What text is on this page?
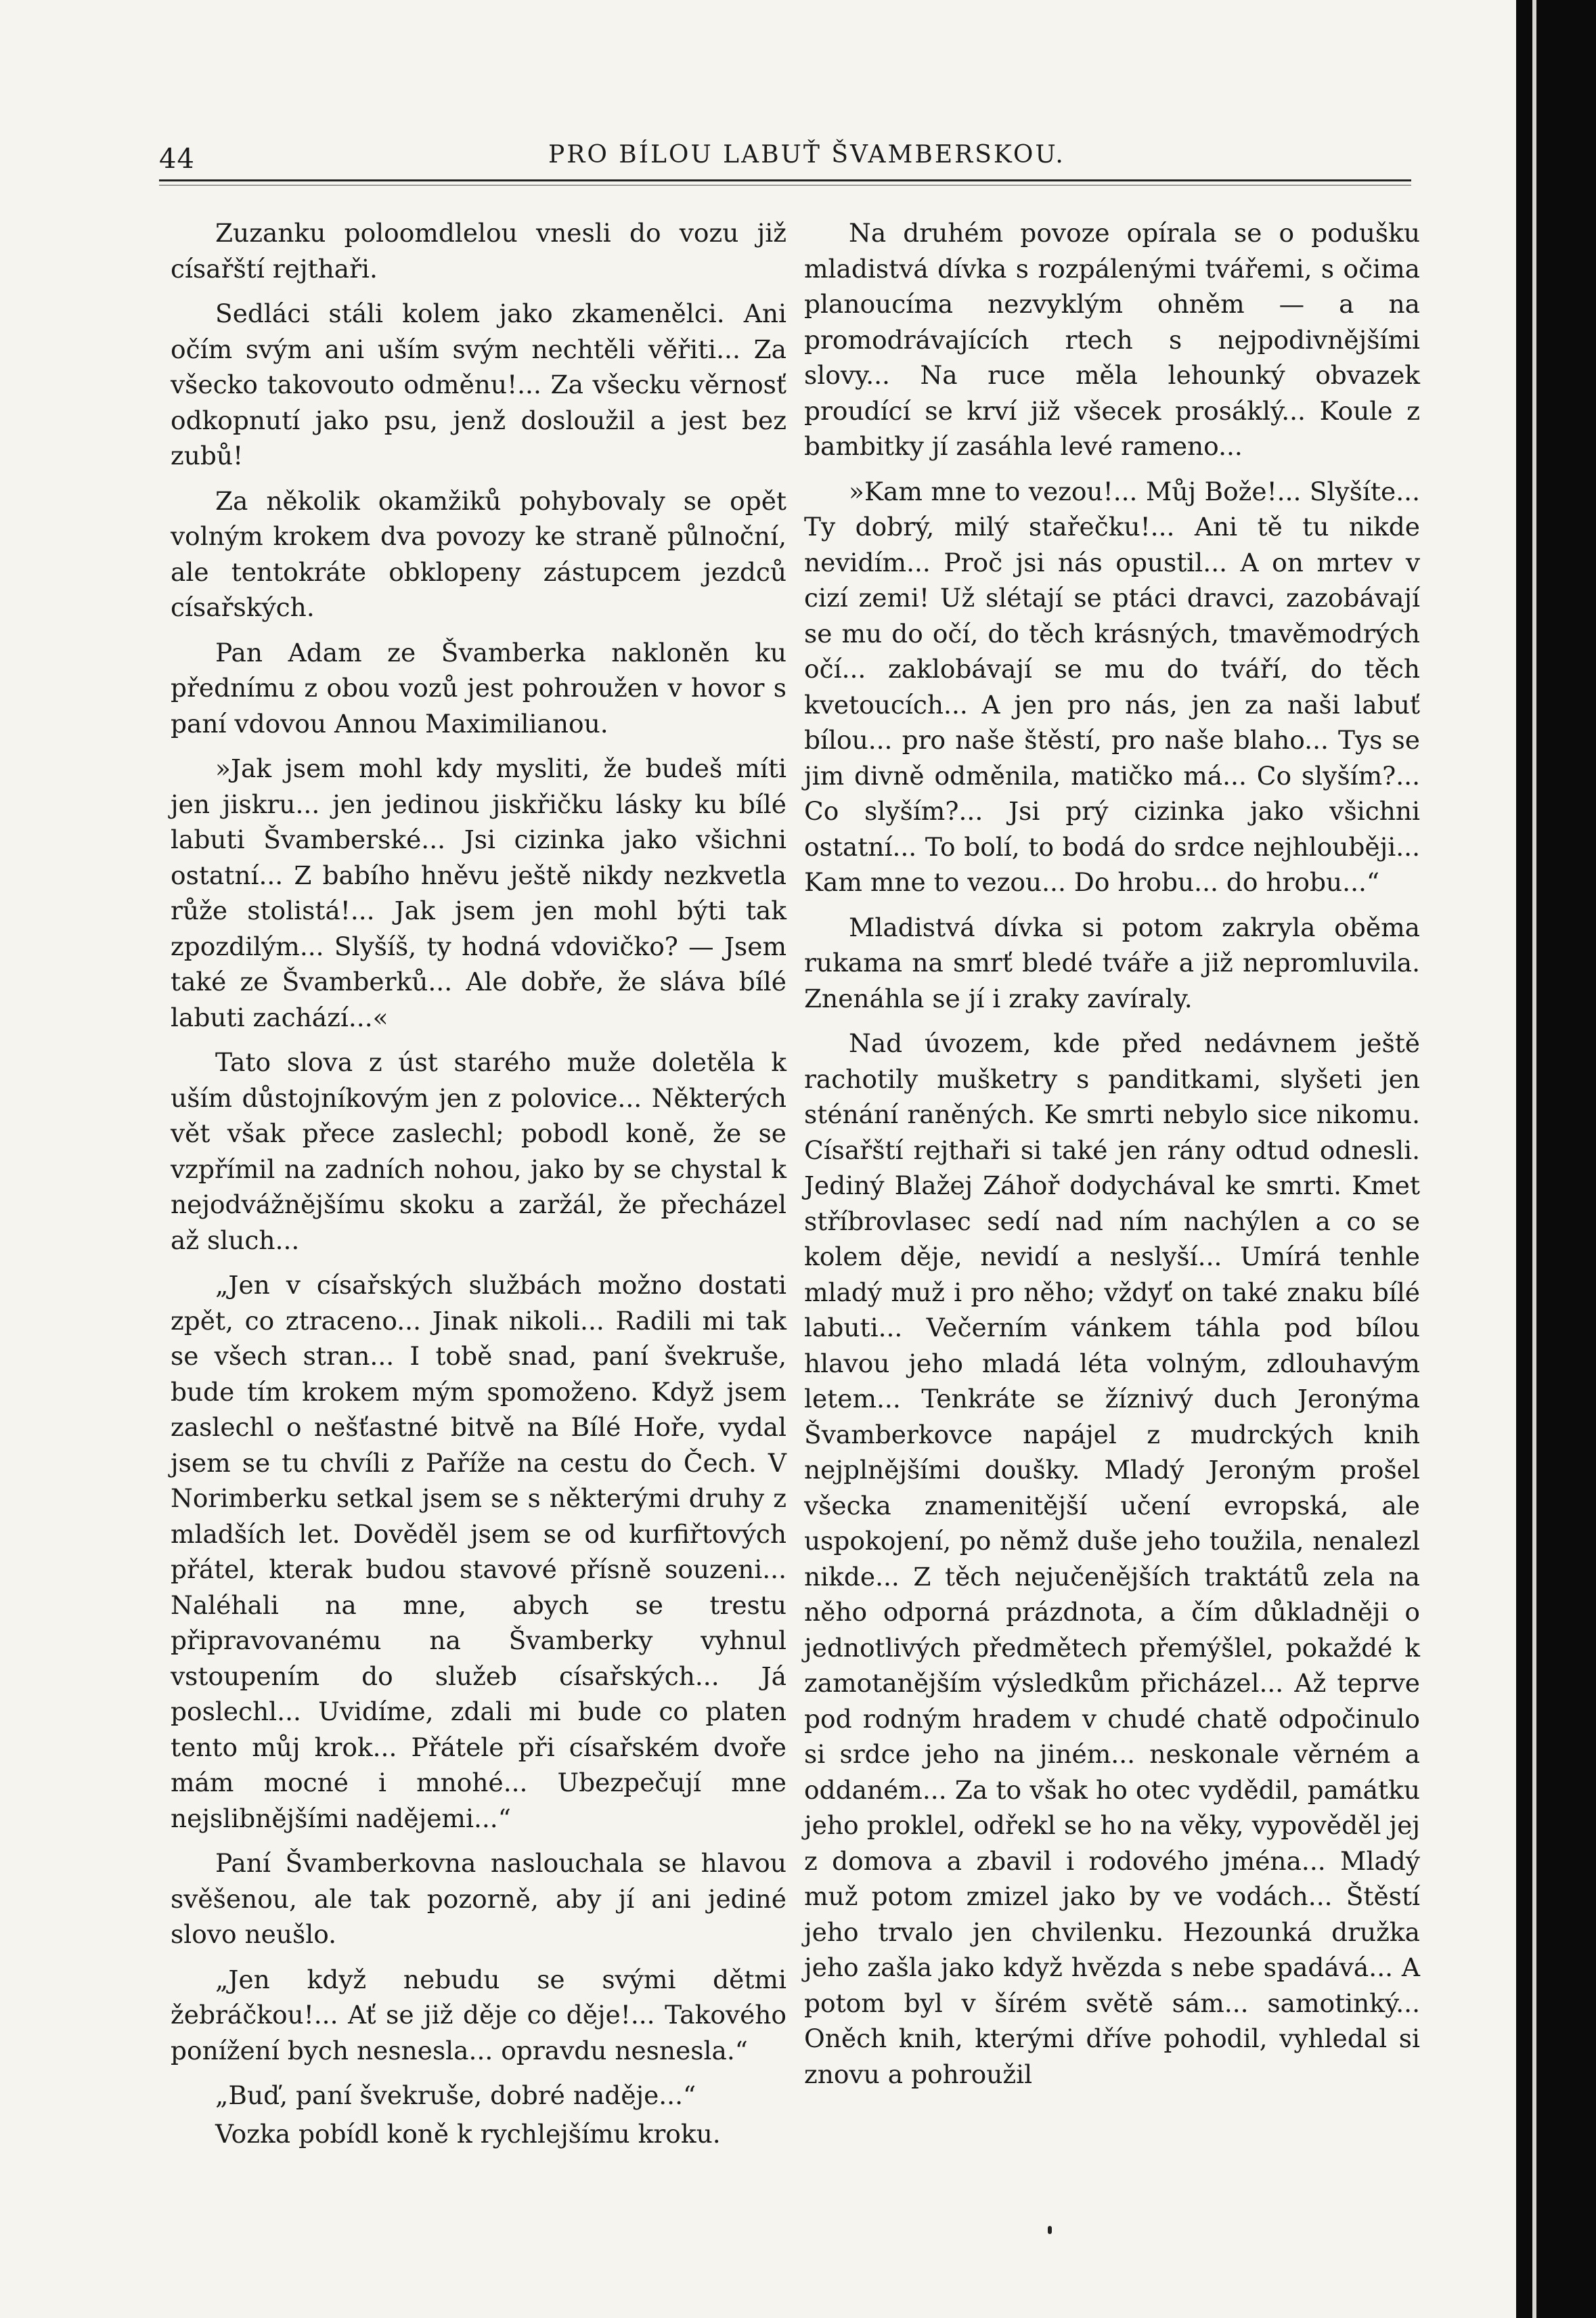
44	PRO BÍLOU LABUŤ ŠVAMBERSKOU.

Zuzanku poloomdlelou vnesli do vozu již císařští rejthaři.

Sedláci stáli kolem jako zkamenělci. Ani očím svým ani uším svým nechtěli věřiti... Za všecko takovouto odměnu!... Za všecku věrnosť odkopnutí jako psu, jenž dosloužil a jest bez zubů!

Za několik okamžiků pohybovaly se opět volným krokem dva povozy ke straně půlnoční, ale tentokráte obklopeny zástupcem jezdců císařských.

Pan Adam ze Švamberka nakloněn ku přednímu z obou vozů jest pohroužen v hovor s paní vdovou Annou Maximilianou.

»Jak jsem mohl kdy mysliti, že budeš míti jen jiskru... jen jedinou jiskřičku lásky ku bílé labuti Švamberské... Jsi cizinka jako všichni ostatní... Z babího hněvu ještě nikdy nezkvetla růže stolistá!... Jak jsem jen mohl býti tak zpozdilým... Slyšíš, ty hodná vdovičko? — Jsem také ze Švamberků... Ale dobře, že sláva bílé labuti zachází...«

Tato slova z úst starého muže doletěla k uším důstojníkovým jen z polovice... Některých vět však přece zaslechl; pobodl koně, že se vzpřímil na zadních nohou, jako by se chystal k nejodvážnějšímu skoku a zaržál, že přecházel až sluch...

„Jen v císařských službách možno dostati zpět, co ztraceno... Jinak nikoli... Radili mi tak se všech stran... I tobě snad, paní švekruše, bude tím krokem mým spomoženo. Když jsem zaslechl o nešťastné bitvě na Bílé Hoře, vydal jsem se tu chvíli z Paříže na cestu do Čech. V Norimberku setkal jsem se s některými druhy z mladších let. Dověděl jsem se od kurfiřtových přátel, kterak budou stavové přísně souzeni... Naléhali na mne, abych se trestu připravovanému na Švamberky vyhnul vstoupením do služeb císařských... Já poslechl... Uvidíme, zdali mi bude co platen tento můj krok... Přátele při císařském dvoře mám mocné i mnohé... Ubezpečují mne nejslibnějšími nadějemi...“

Paní Švamberkovna naslouchala se hlavou svěšenou, ale tak pozorně, aby jí ani jediné slovo neušlo.

„Jen když nebudu se svými dětmi žebráčkou!... Ať se již děje co děje!... Takového ponížení bych nesnesla... opravdu nesnesla.“

„Buď, paní švekruše, dobré naděje...“

Vozka pobídl koně k rychlejšímu kroku.

Na druhém povoze opírala se o podušku mladistvá dívka s rozpálenými tvářemi, s očima planoucíma nezvyklým ohněm — a na promodrávajících rtech s nejpodivnějšími slovy... Na ruce měla lehounký obvazek proudící se krví již všecek prosáklý... Koule z bambitky jí zasáhla levé rameno...

»Kam mne to vezou!... Můj Bože!... Slyšíte... Ty dobrý, milý stařečku!... Ani tě tu nikde nevidím... Proč jsi nás opustil... A on mrtev v cizí zemi! Už slétají se ptáci dravci, zazobávají se mu do očí, do těch krásných, tmavěmodrých očí... zaklobávají se mu do tváří, do těch kvetoucích... A jen pro nás, jen za naši labuť bílou... pro naše štěstí, pro naše blaho... Tys se jim divně odměnila, matičko má... Co slyším?... Co slyším?... Jsi prý cizinka jako všichni ostatní... To bolí, to bodá do srdce nejhlouběji... Kam mne to vezou... Do hrobu... do hrobu...“

Mladistvá dívka si potom zakryla oběma rukama na smrť bledé tváře a již nepromluvila. Znenáhla se jí i zraky zavíraly.

Nad úvozem, kde před nedávnem ještě rachotily mušketry s panditkami, slyšeti jen sténání raněných. Ke smrti nebylo sice nikomu. Císařští rejthaři si také jen rány odtud odnesli. Jediný Blažej Záhoř dodychával ke smrti. Kmet stříbrovlasec sedí nad ním nachýlen a co se kolem děje, nevidí a neslyší... Umírá tenhle mladý muž i pro něho; vždyť on také znaku bílé labuti... Večerním vánkem táhla pod bílou hlavou jeho mladá léta volným, zdlouhavým letem... Tenkráte se žíznivý duch Jeronýma Švamberkovce napájel z mudrckých knih nejplnějšími doušky. Mladý Jeroným prošel všecka znamenitější učení evropská, ale uspokojení, po němž duše jeho toužila, nenalezl nikde... Z těch nejučenějších traktátů zela na něho odporná prázdnota, a čím důkladněji o jednotlivých předmětech přemýšlel, pokaždé k zamotanějším výsledkům přicházel... Až teprve pod rodným hradem v chudé chatě odpočinulo si srdce jeho na jiném... neskonale věrném a oddaném... Za to však ho otec vydědil, památku jeho proklel, odřekl se ho na věky, vypověděl jej z domova a zbavil i rodového jména... Mladý muž potom zmizel jako by ve vodách... Štěstí jeho trvalo jen chvilenku. Hezounká družka jeho zašla jako když hvězda s nebe spadává... A potom byl v šírém světě sám... samotinký... Oněch knih, kterými dříve pohodil, vyhledal si znovu a pohroužil
